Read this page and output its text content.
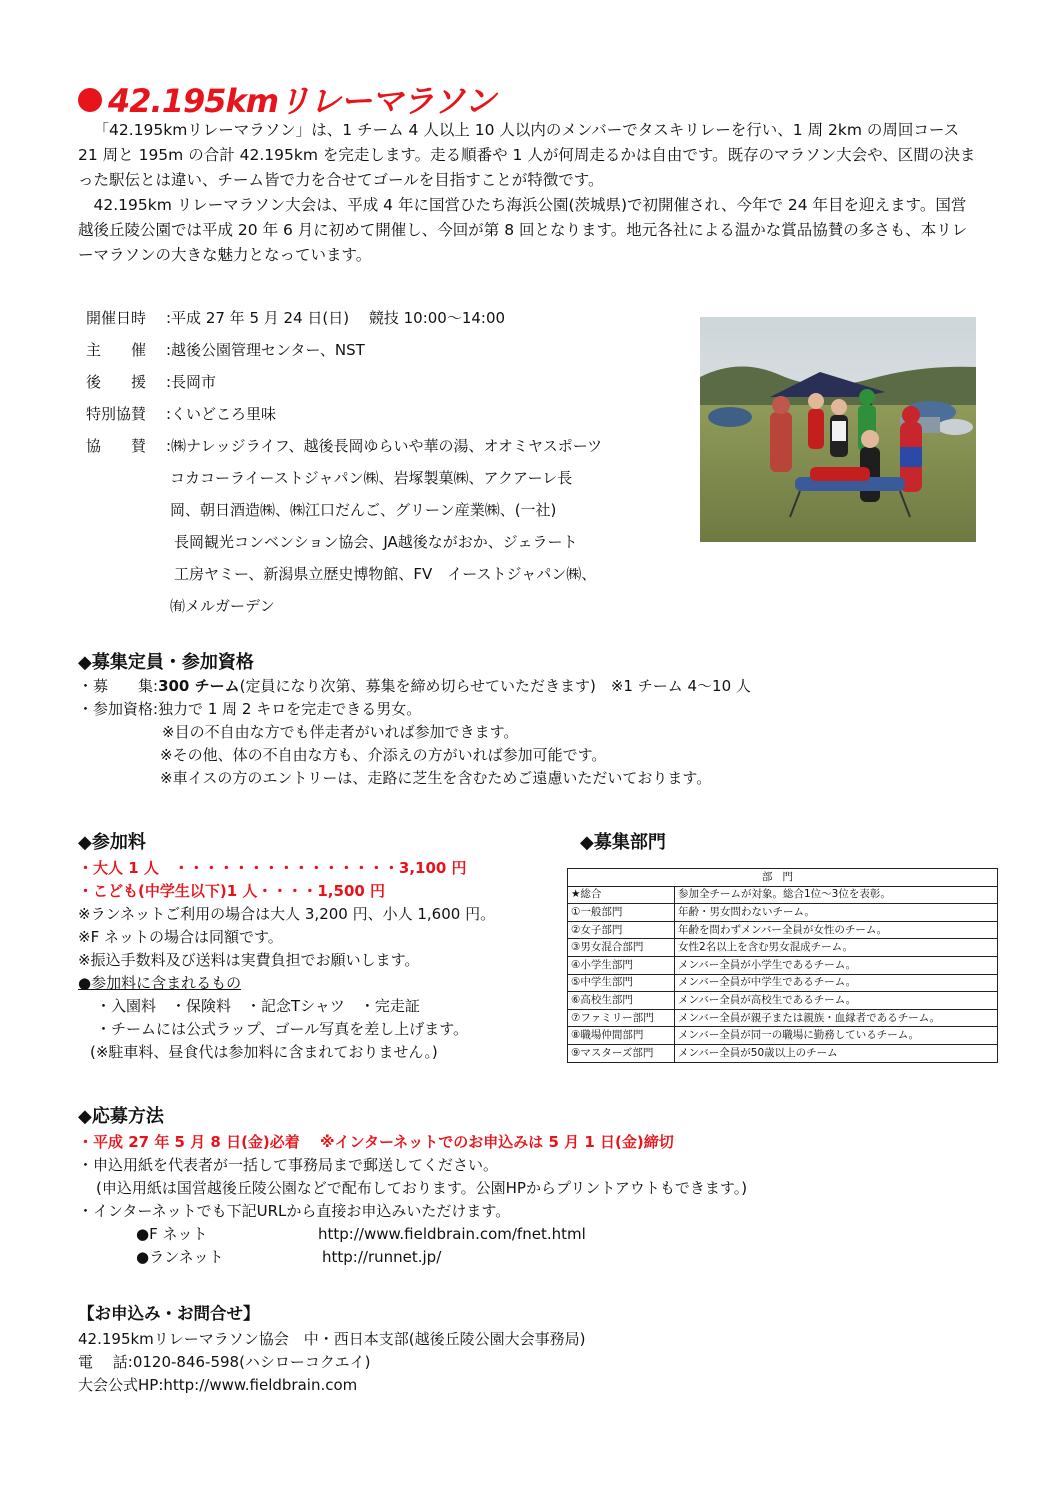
42.195kmリレーマラソン

「42.195kmリレーマラソン」は、1 チーム 4 人以上 10 人以内のメンバーでタスキリレーを行い、1 周 2km の周回コース 21 周と 195m の合計 42.195km を完走します。走る順番や 1 人が何周走るかは自由です。既存のマラソン大会や、区間の決まった駅伝とは違い、チーム皆で力を合せてゴールを目指すことが特徴です。

42.195km リレーマラソン大会は、平成 4 年に国営ひたち海浜公園(茨城県)で初開催され、今年で 24 年目を迎えます。国営越後丘陵公園では平成 20 年 6 月に初めて開催し、今回が第 8 回となります。地元各社による温かな賞品協賛の多さも、本リレーマラソンの大きな魅力となっています。

開催日時 :平成 27 年 5 月 24 日(日)　 競技 10:00～14:00
主　　催 :越後公園管理センター、NST
後　　援 :長岡市
特別協賛 :くいどころ里味
協　　賛 :㈱ナレッジライフ、越後長岡ゆらいや華の湯、オオミヤスポーツ
コカコーライーストジャパン㈱、岩塚製菓㈱、アクアーレ長
岡、朝日酒造㈱、㈱江口だんご、グリーン産業㈱、(一社)
長岡観光コンベンション協会、JA越後ながおか、ジェラート
工房ヤミー、新潟県立歴史博物館、FV　イーストジャパン㈱、
㈲メルガーデン
◆募集定員・参加資格
・募　　集:300 チーム(定員になり次第、募集を締め切らせていただきます)　※1 チーム 4～10 人
・参加資格:独力で 1 周 2 キロを完走できる男女。
※目の不自由な方でも伴走者がいれば参加できます。
※その他、体の不自由な方も、介添えの方がいれば参加可能です。
※車イスの方のエントリーは、走路に芝生を含むためご遠慮いただいております。
◆参加料
・大人 1 人　・・・・・・・・・・・・・・・3,100 円
・こども(中学生以下)1 人・・・・1,500 円
※ランネットご利用の場合は大人 3,200 円、小人 1,600 円。
※F ネットの場合は同額です。
※振込手数料及び送料は実費負担でお願いします。
●参加料に含まれるもの
・入園料　・保険料　・記念Tシャツ　・完走証
・チームには公式ラップ、ゴール写真を差し上げます。
(※駐車料、昼食代は参加料に含まれておりません。)
◆募集部門
部門	
★総合	参加全チームが対象。総合1位～3位を表彰。
①一般部門	年齢・男女問わないチーム。
②女子部門	年齢を問わずメンバー全員が女性のチーム。
③男女混合部門	女性2名以上を含む男女混成チーム。
④小学生部門	メンバー全員が小学生であるチーム。
⑤中学生部門	メンバー全員が中学生であるチーム。
⑥高校生部門	メンバー全員が高校生であるチーム。
⑦ファミリー部門	メンバー全員が親子または親族・血縁者であるチーム。
⑧職場仲間部門	メンバー全員が同一の職場に勤務しているチーム。
⑨マスターズ部門	メンバー全員が50歳以上のチーム
◆応募方法
・平成 27 年 5 月 8 日(金)必着　 ※インターネットでのお申込みは 5 月 1 日(金)締切
・申込用紙を代表者が一括して事務局まで郵送してください。
(申込用紙は国営越後丘陵公園などで配布しております。公園HPからプリントアウトもできます。)
・インターネットでも下記URLから直接お申込みいただけます。
●F ネット	http://www.fieldbrain.com/fnet.html
●ランネット	http://runnet.jp/
【お申込み・お問合せ】
42.195kmリレーマラソン協会　中・西日本支部(越後丘陵公園大会事務局)
電　 話:0120-846-598(ハシローコクエイ)
大会公式HP:http://www.fieldbrain.com
